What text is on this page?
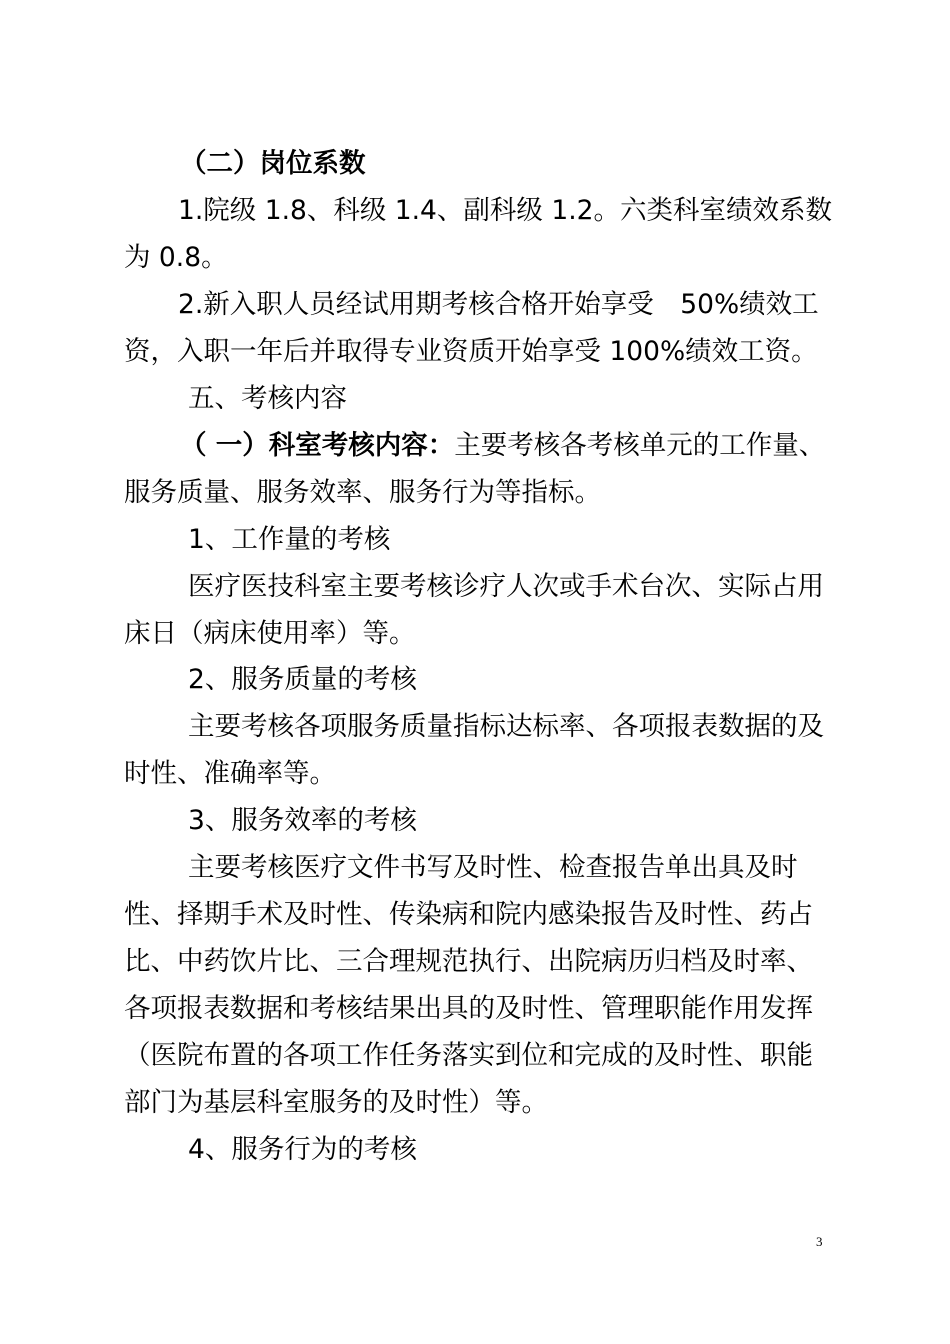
（二）岗位系数
1.院级 1.8、科级 1.4、副科级 1.2。六类科室绩效系数
为 0.8。
2.新入职人员经试用期考核合格开始享受　50%绩效工
资，入职一年后并取得专业资质开始享受 100%绩效工资。
五、考核内容
（ 一）科室考核内容：主要考核各考核单元的工作量、
服务质量、服务效率、服务行为等指标。
1、工作量的考核
医疗医技科室主要考核诊疗人次或手术台次、实际占用
床日（病床使用率）等。
2、服务质量的考核
主要考核各项服务质量指标达标率、各项报表数据的及
时性、准确率等。
3、服务效率的考核
主要考核医疗文件书写及时性、检查报告单出具及时
性、择期手术及时性、传染病和院内感染报告及时性、药占
比、中药饮片比、三合理规范执行、出院病历归档及时率、
各项报表数据和考核结果出具的及时性、管理职能作用发挥
（医院布置的各项工作任务落实到位和完成的及时性、职能
部门为基层科室服务的及时性）等。
4、服务行为的考核
3
